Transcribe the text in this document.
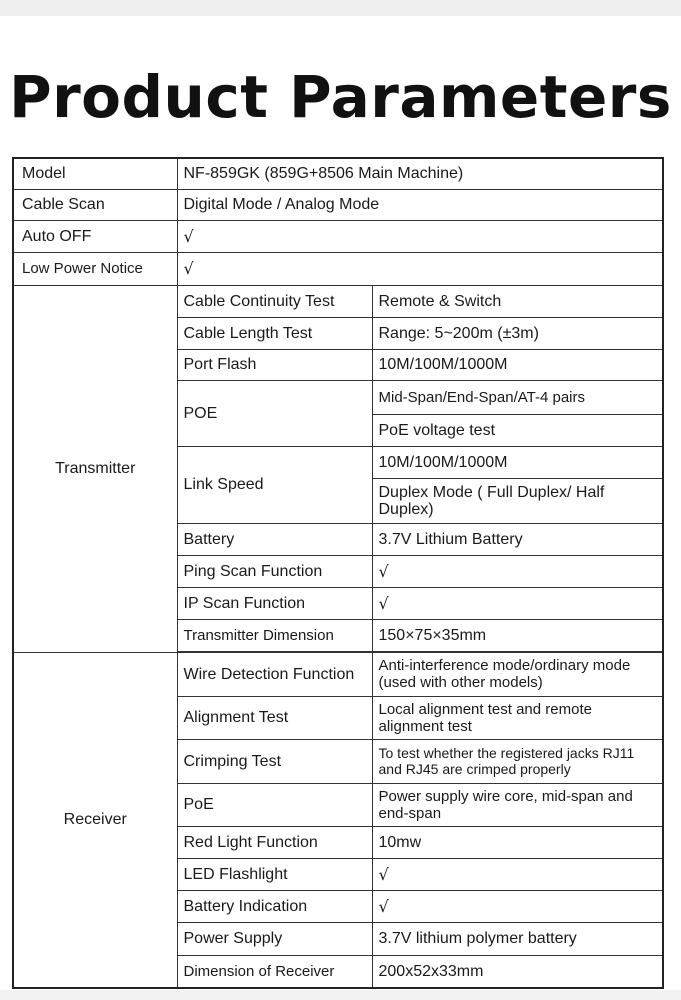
Product Parameters
Model	NF-859GK (859G+8506 Main Machine)	
Cable Scan	Digital Mode / Analog Mode	
Auto OFF	√	
Low Power Notice	√	
Transmitter	Cable Continuity Test	Remote & Switch
	Cable Length Test	Range: 5~200m (±3m)
	Port Flash	10M/100M/1000M
	POE	Mid-Span/End-Span/AT-4 pairs
		PoE voltage test
	Link Speed	10M/100M/1000M
		Duplex Mode ( Full Duplex/ Half Duplex)
	Battery	3.7V Lithium Battery
	Ping Scan Function	√
	IP Scan Function	√
	Transmitter Dimension	150×75×35mm

Receiver	Wire Detection Function	Anti-interference mode/ordinary mode (used with other models)
	Alignment Test	Local alignment test and remote alignment test
	Crimping Test	To test whether the registered jacks RJ11 and RJ45 are crimped properly
	PoE	Power supply wire core, mid-span and end-span
	Red Light Function	10mw
	LED Flashlight	√
	Battery Indication	√
	Power Supply	3.7V lithium polymer battery
	Dimension of Receiver	200x52x33mm
